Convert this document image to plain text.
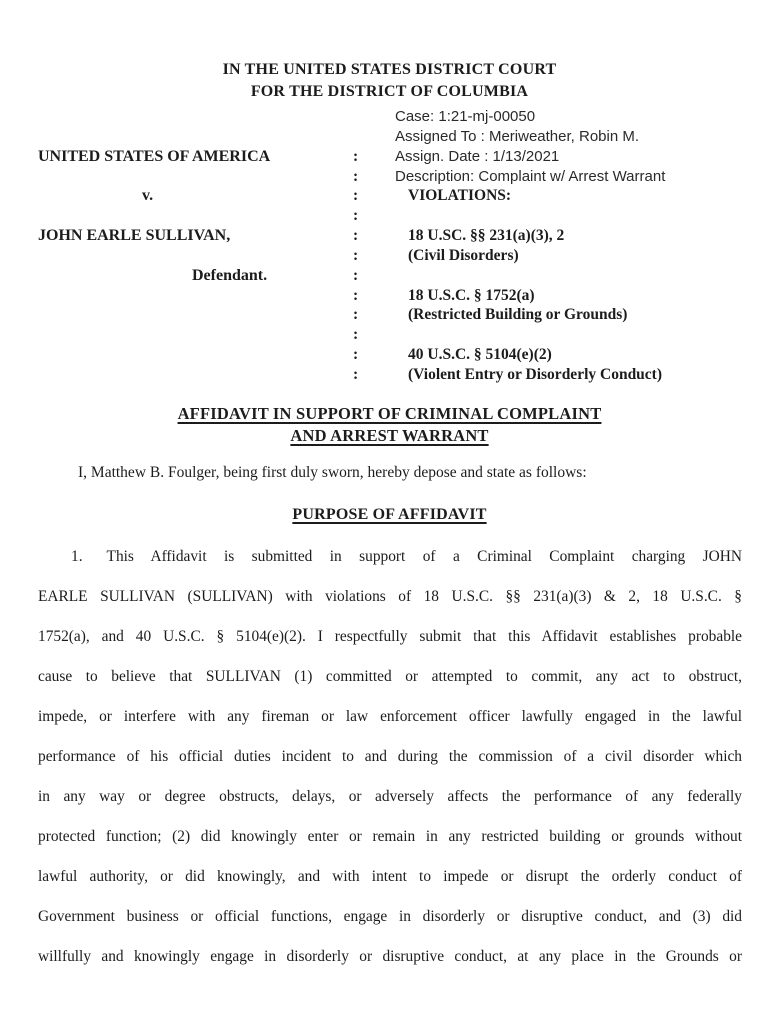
IN THE UNITED STATES DISTRICT COURT
FOR THE DISTRICT OF COLUMBIA
Case: 1:21-mj-00050
Assigned To : Meriweather, Robin M.
UNITED STATES OF AMERICA	:	Assign. Date : 1/13/2021
:	Description: Complaint w/ Arrest Warrant
v.	:	VIOLATIONS:
:
JOHN EARLE SULLIVAN,	:	18 U.SC. §§ 231(a)(3), 2
:	(Civil Disorders)
Defendant.	:
:	18 U.S.C. § 1752(a)
:	(Restricted Building or Grounds)
:
:	40 U.S.C. § 5104(e)(2)
:	(Violent Entry or Disorderly Conduct)
AFFIDAVIT IN SUPPORT OF CRIMINAL COMPLAINT
AND ARREST WARRANT

I, Matthew B. Foulger, being first duly sworn, hereby depose and state as follows:

PURPOSE OF AFFIDAVIT
1. This Affidavit is submitted in support of a Criminal Complaint charging JOHN
EARLE SULLIVAN (SULLIVAN) with violations of 18 U.S.C. §§ 231(a)(3) & 2, 18 U.S.C. §
1752(a), and 40 U.S.C. § 5104(e)(2). I respectfully submit that this Affidavit establishes probable
cause to believe that SULLIVAN (1) committed or attempted to commit, any act to obstruct,
impede, or interfere with any fireman or law enforcement officer lawfully engaged in the lawful
performance of his official duties incident to and during the commission of a civil disorder which
in any way or degree obstructs, delays, or adversely affects the performance of any federally
protected function; (2) did knowingly enter or remain in any restricted building or grounds without
lawful authority, or did knowingly, and with intent to impede or disrupt the orderly conduct of
Government business or official functions, engage in disorderly or disruptive conduct, and (3) did
willfully and knowingly engage in disorderly or disruptive conduct, at any place in the Grounds or
